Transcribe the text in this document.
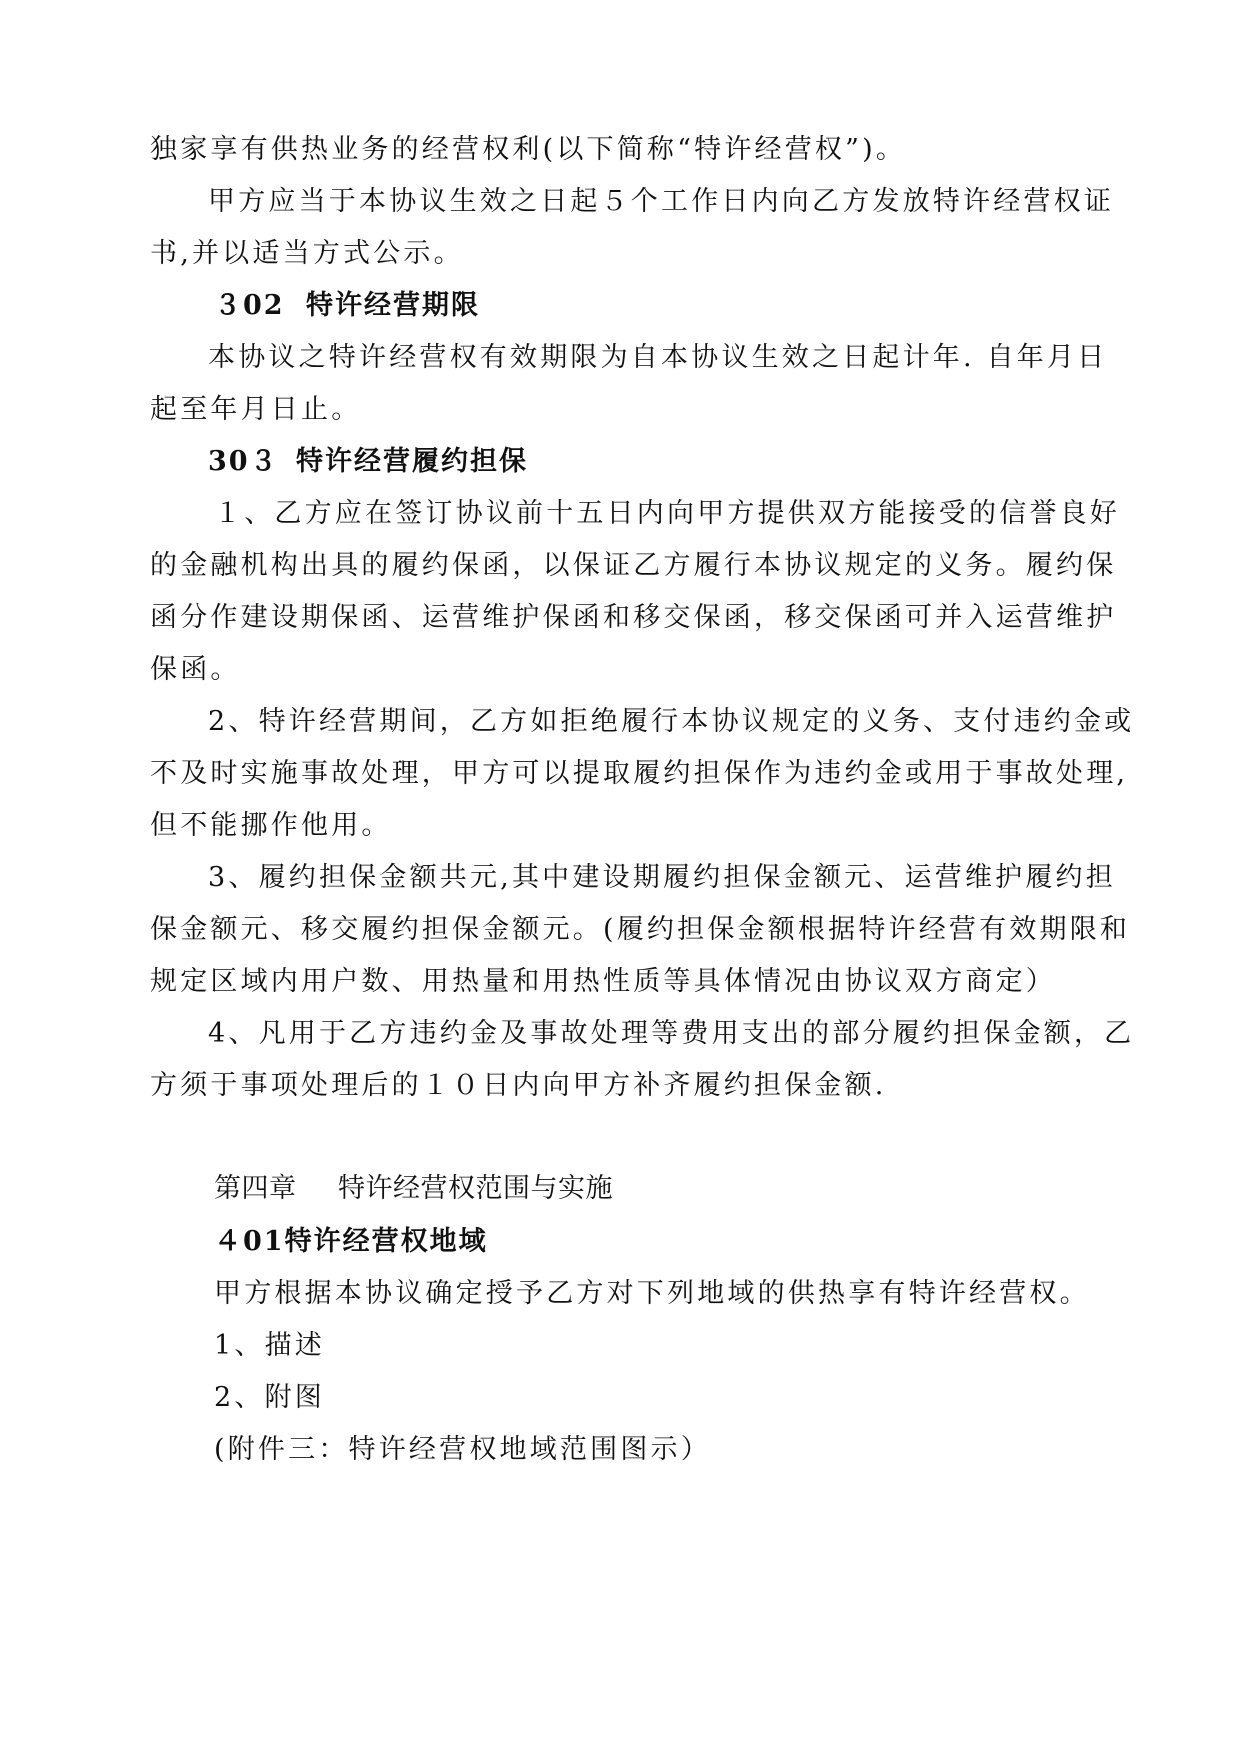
独家享有供热业务的经营权利(以下简称“特许经营权”)。
甲方应当于本协议生效之日起５个工作日内向乙方发放特许经营权证
书,并以适当方式公示。
３02 特许经营期限
本协议之特许经营权有效期限为自本协议生效之日起计年. 自年月日
起至年月日止。
30３ 特许经营履约担保
１、乙方应在签订协议前十五日内向甲方提供双方能接受的信誉良好
的金融机构出具的履约保函，以保证乙方履行本协议规定的义务。履约保
函分作建设期保函、运营维护保函和移交保函，移交保函可并入运营维护
保函。
2、特许经营期间，乙方如拒绝履行本协议规定的义务、支付违约金或
不及时实施事故处理，甲方可以提取履约担保作为违约金或用于事故处理,
但不能挪作他用。
3、履约担保金额共元,其中建设期履约担保金额元、运营维护履约担
保金额元、移交履约担保金额元。(履约担保金额根据特许经营有效期限和
规定区域内用户数、用热量和用热性质等具体情况由协议双方商定）
4、凡用于乙方违约金及事故处理等费用支出的部分履约担保金额，乙
方须于事项处理后的１０日内向甲方补齐履约担保金额.
第四章 特许经营权范围与实施
４01特许经营权地域
甲方根据本协议确定授予乙方对下列地域的供热享有特许经营权。
1、描述
2、附图
(附件三：特许经营权地域范围图示）
